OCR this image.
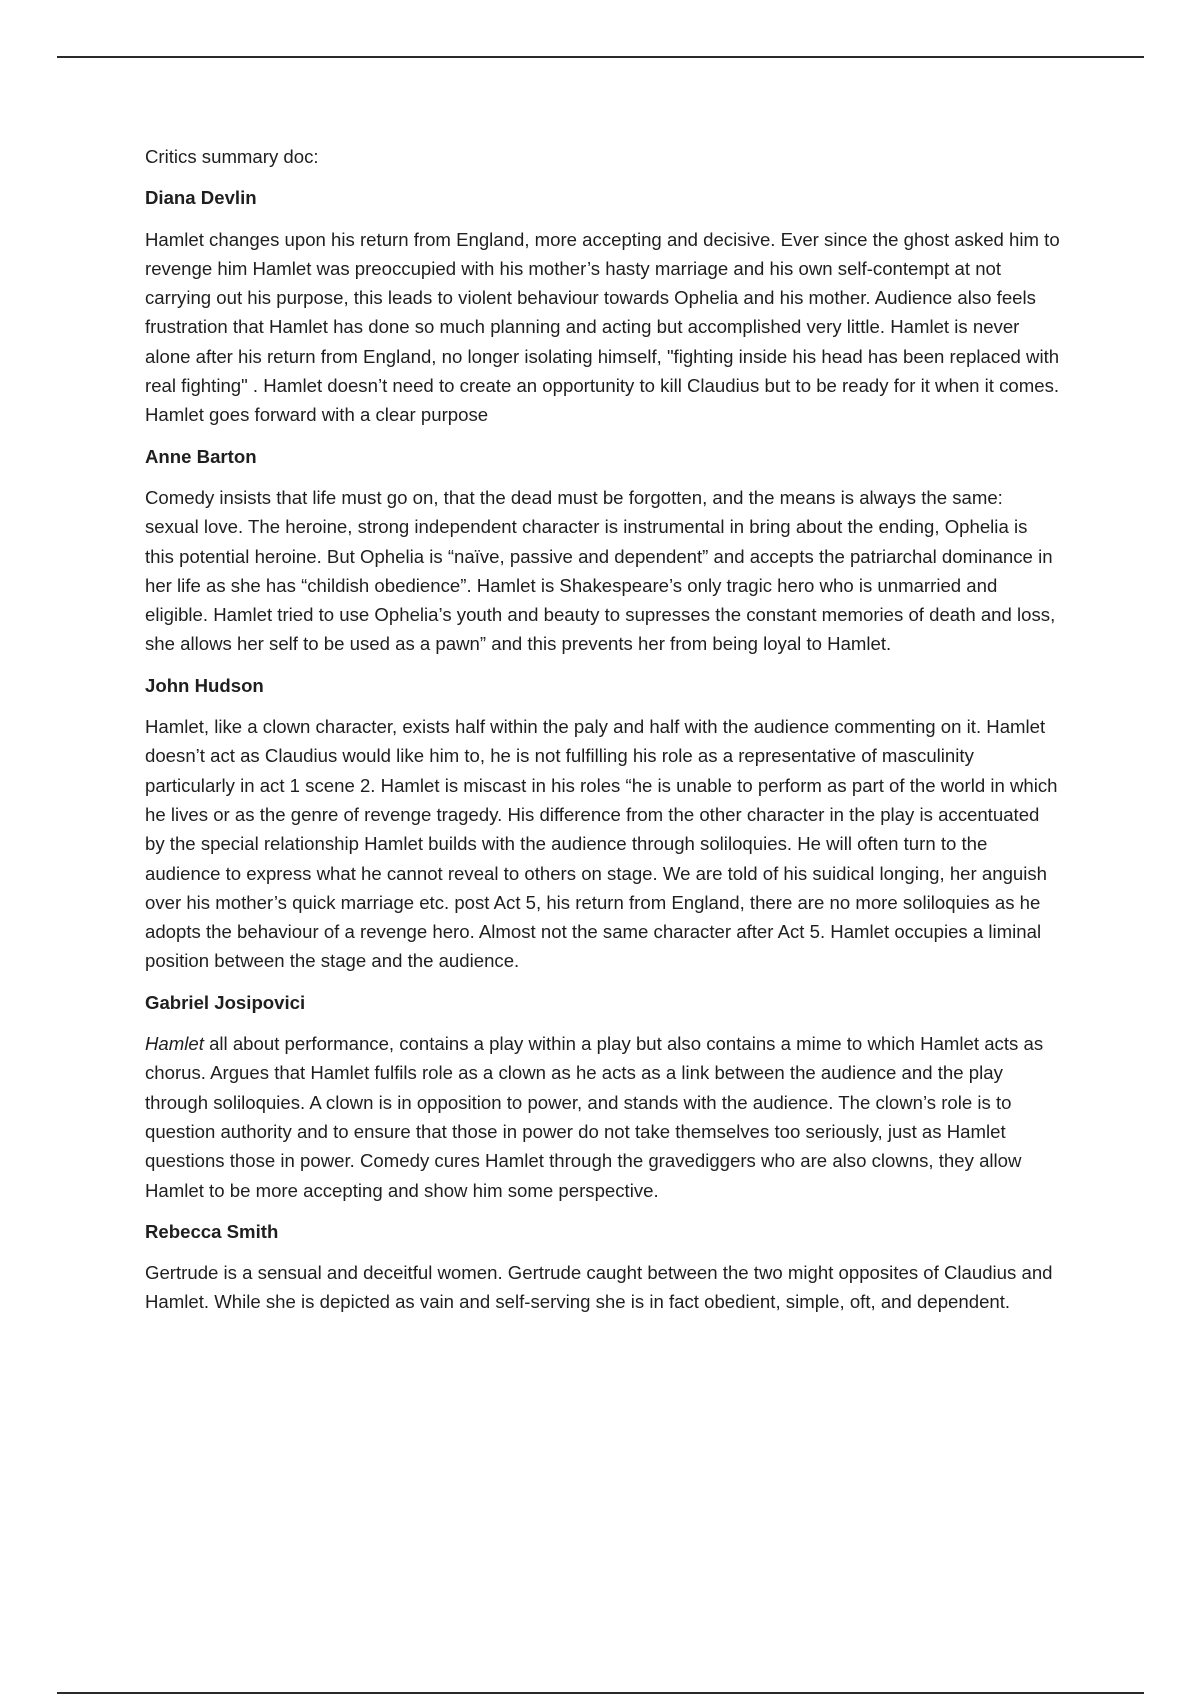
Critics summary doc:

Diana Devlin

Hamlet changes upon his return from England, more accepting and decisive. Ever since the ghost asked him to revenge him Hamlet was preoccupied with his mother’s hasty marriage and his own self-contempt at not carrying out his purpose, this leads to violent behaviour towards Ophelia and his mother. Audience also feels frustration that Hamlet has done so much planning and acting but accomplished very little. Hamlet is never alone after his return from England, no longer isolating himself, "fighting inside his head has been replaced with real fighting" . Hamlet doesn’t need to create an opportunity to kill Claudius but to be ready for it when it comes. Hamlet goes forward with a clear purpose

Anne Barton

Comedy insists that life must go on, that the dead must be forgotten, and the means is always the same: sexual love. The heroine, strong independent character is instrumental in bring about the ending, Ophelia is this potential heroine. But Ophelia is “naïve, passive and dependent” and accepts the patriarchal dominance in her life as she has “childish obedience”. Hamlet is Shakespeare’s only tragic hero who is unmarried and eligible. Hamlet tried to use Ophelia’s youth and beauty to supresses the constant memories of death and loss, she allows her self to be used as a pawn” and this prevents her from being loyal to Hamlet.

John Hudson

Hamlet, like a clown character, exists half within the paly and half with the audience commenting on it. Hamlet doesn’t act as Claudius would like him to, he is not fulfilling his role as a representative of masculinity particularly in act 1 scene 2. Hamlet is miscast in his roles “he is unable to perform as part of the world in which he lives or as the genre of revenge tragedy. His difference from the other character in the play is accentuated by the special relationship Hamlet builds with the audience through soliloquies. He will often turn to the audience to express what he cannot reveal to others on stage. We are told of his suidical longing, her anguish over his mother’s quick marriage etc. post Act 5, his return from England, there are no more soliloquies as he adopts the behaviour of a revenge hero. Almost not the same character after Act 5. Hamlet occupies a liminal position between the stage and the audience.

Gabriel Josipovici

Hamlet all about performance, contains a play within a play but also contains a mime to which Hamlet acts as chorus. Argues that Hamlet fulfils role as a clown as he acts as a link between the audience and the play through soliloquies. A clown is in opposition to power, and stands with the audience. The clown’s role is to question authority and to ensure that those in power do not take themselves too seriously, just as Hamlet questions those in power. Comedy cures Hamlet through the gravediggers who are also clowns, they allow Hamlet to be more accepting and show him some perspective.

Rebecca Smith

Gertrude is a sensual and deceitful women. Gertrude caught between the two might opposites of Claudius and Hamlet. While she is depicted as vain and self-serving she is in fact obedient, simple, oft, and dependent.
